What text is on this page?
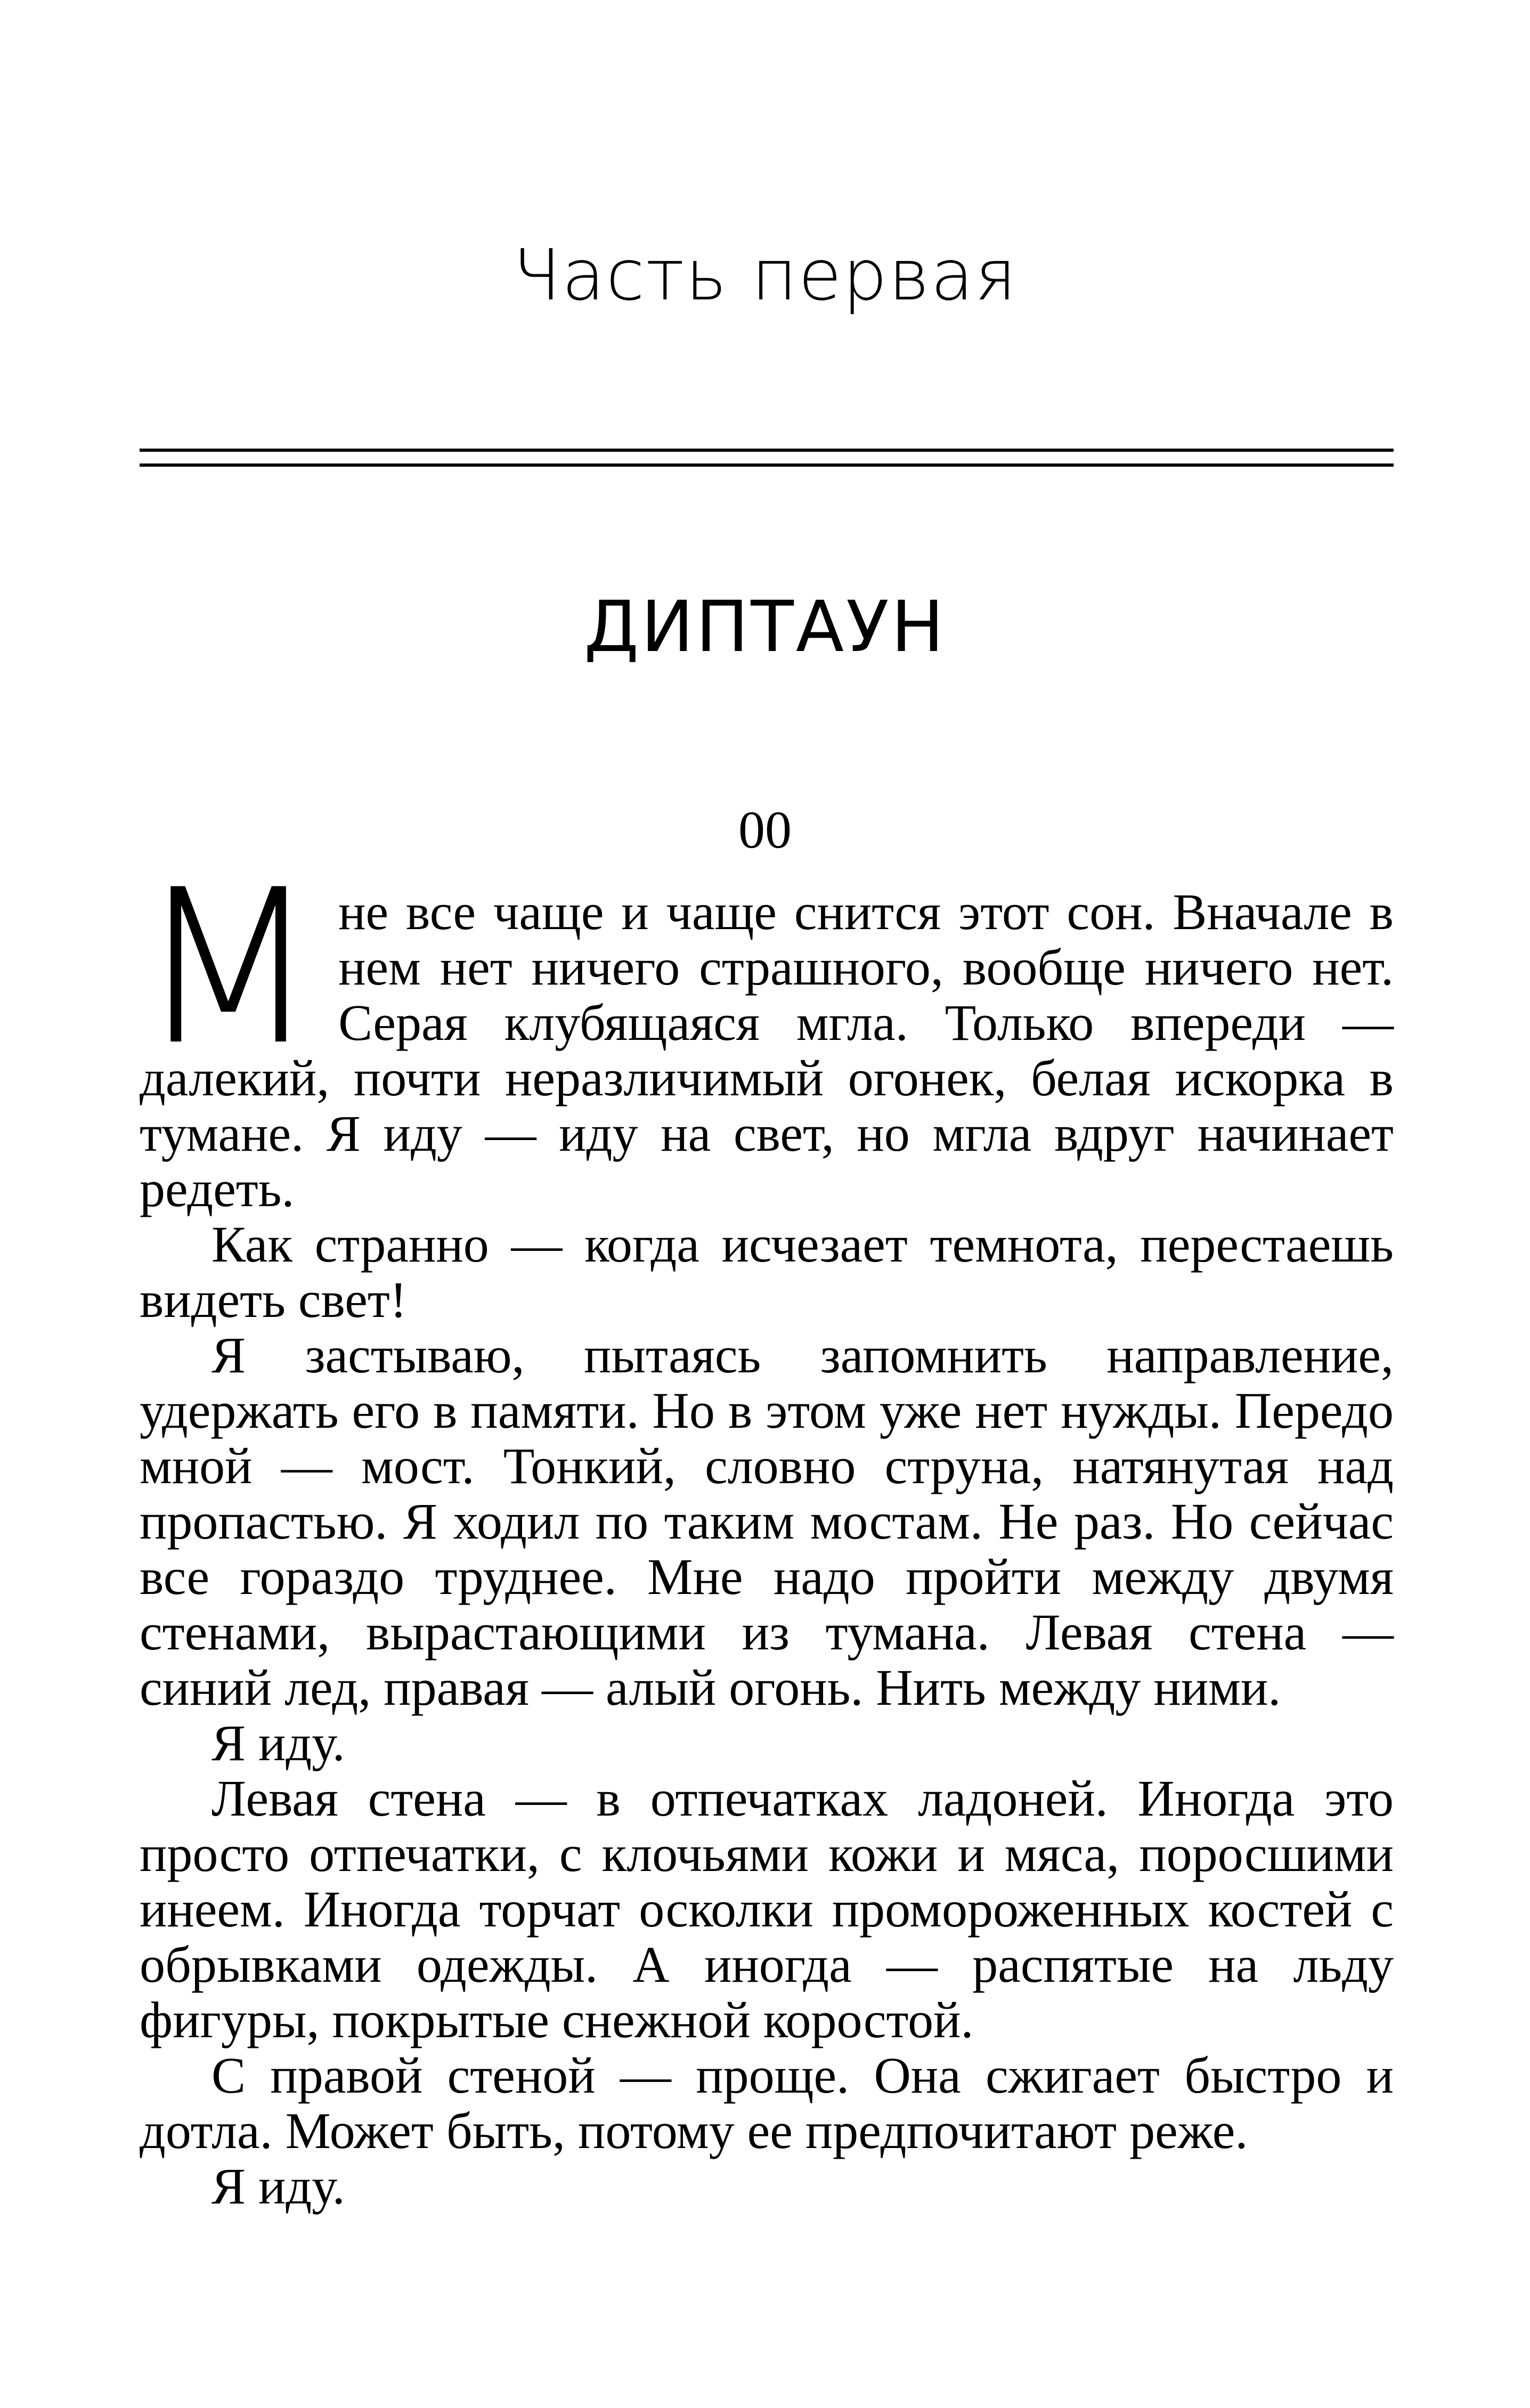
Часть первая
ДИПТАУН
00

Мне все чаще и чаще снится этот сон. Вначале в нем нет ничего страшного, вообще ничего нет. Серая клубящаяся мгла. Только впереди — далекий, почти неразличимый огонек, белая искорка в тумане. Я иду — иду на свет, но мгла вдруг начинает редеть.

Как странно — когда исчезает темнота, перестаешь видеть свет!

Я застываю, пытаясь запомнить направление, удержать его в памяти. Но в этом уже нет нужды. Передо мной — мост. Тонкий, словно струна, натянутая над пропастью. Я ходил по таким мостам. Не раз. Но сейчас все гораздо труднее. Мне надо пройти между двумя стенами, вырастающими из тумана. Левая стена — синий лед, правая — алый огонь. Нить между ними.

Я иду.

Левая стена — в отпечатках ладоней. Иногда это просто отпечатки, с клочьями кожи и мяса, поросшими инеем. Иногда торчат осколки промороженных костей с обрывками одежды. А иногда — распятые на льду фигуры, покрытые снежной коростой.

С правой стеной — проще. Она сжигает быстро и дотла. Может быть, потому ее предпочитают реже.

Я иду.
